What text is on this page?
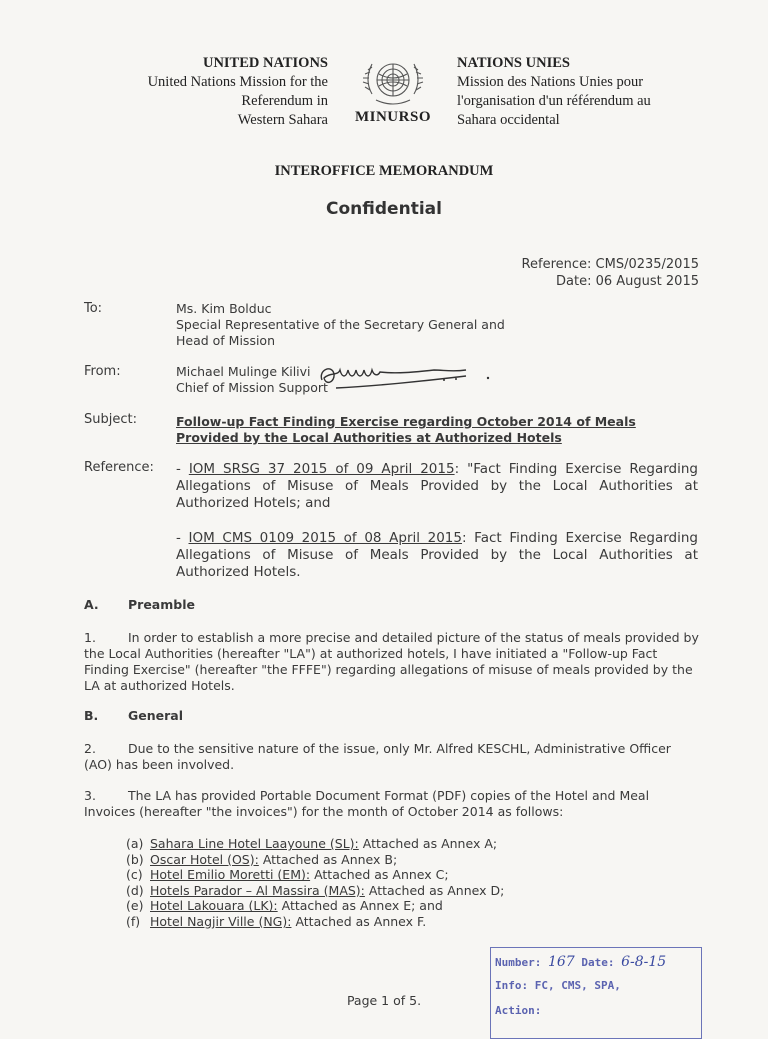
UNITED NATIONS
United Nations Mission for the
Referendum in
Western Sahara	MINURSO
NATIONS UNIES
Mission des Nations Unies pour
l'organisation d'un référendum au
Sahara occidental
INTEROFFICE MEMORANDUM
Confidential
Reference: CMS/0235/2015
Date: 06 August 2015
To:	Ms. Kim Bolduc
Special Representative of the Secretary General and
Head of Mission
From:	Michael Mulinge Kilivi
Chief of Mission Support
Subject:	Follow-up Fact Finding Exercise regarding October 2014 of Meals Provided by the Local Authorities at Authorized Hotels
Reference: - IOM SRSG 37 2015 of 09 April 2015: "Fact Finding Exercise Regarding Allegations of Misuse of Meals Provided by the Local Authorities at Authorized Hotels; and
- IOM CMS 0109 2015 of 08 April 2015: Fact Finding Exercise Regarding Allegations of Misuse of Meals Provided by the Local Authorities at Authorized Hotels.
A. Preamble
1.	In order to establish a more precise and detailed picture of the status of meals provided by the Local Authorities (hereafter "LA") at authorized hotels, I have initiated a "Follow-up Fact Finding Exercise" (hereafter "the FFFE") regarding allegations of misuse of meals provided by the LA at authorized Hotels.
B. General
2.	Due to the sensitive nature of the issue, only Mr. Alfred KESCHL, Administrative Officer (AO) has been involved.
3.	The LA has provided Portable Document Format (PDF) copies of the Hotel and Meal Invoices (hereafter "the invoices") for the month of October 2014 as follows:
(a) Sahara Line Hotel Laayoune (SL): Attached as Annex A;
(b) Oscar Hotel (OS): Attached as Annex B;
(c) Hotel Emilio Moretti (EM): Attached as Annex C;
(d) Hotels Parador – Al Massira (MAS): Attached as Annex D;
(e) Hotel Lakouara (LK): Attached as Annex E; and
(f) Hotel Nagjir Ville (NG): Attached as Annex F.
Page 1 of 5.
Number: 167 Date: 6-8-15
Info: FC, CMS, SPA,
Action:
